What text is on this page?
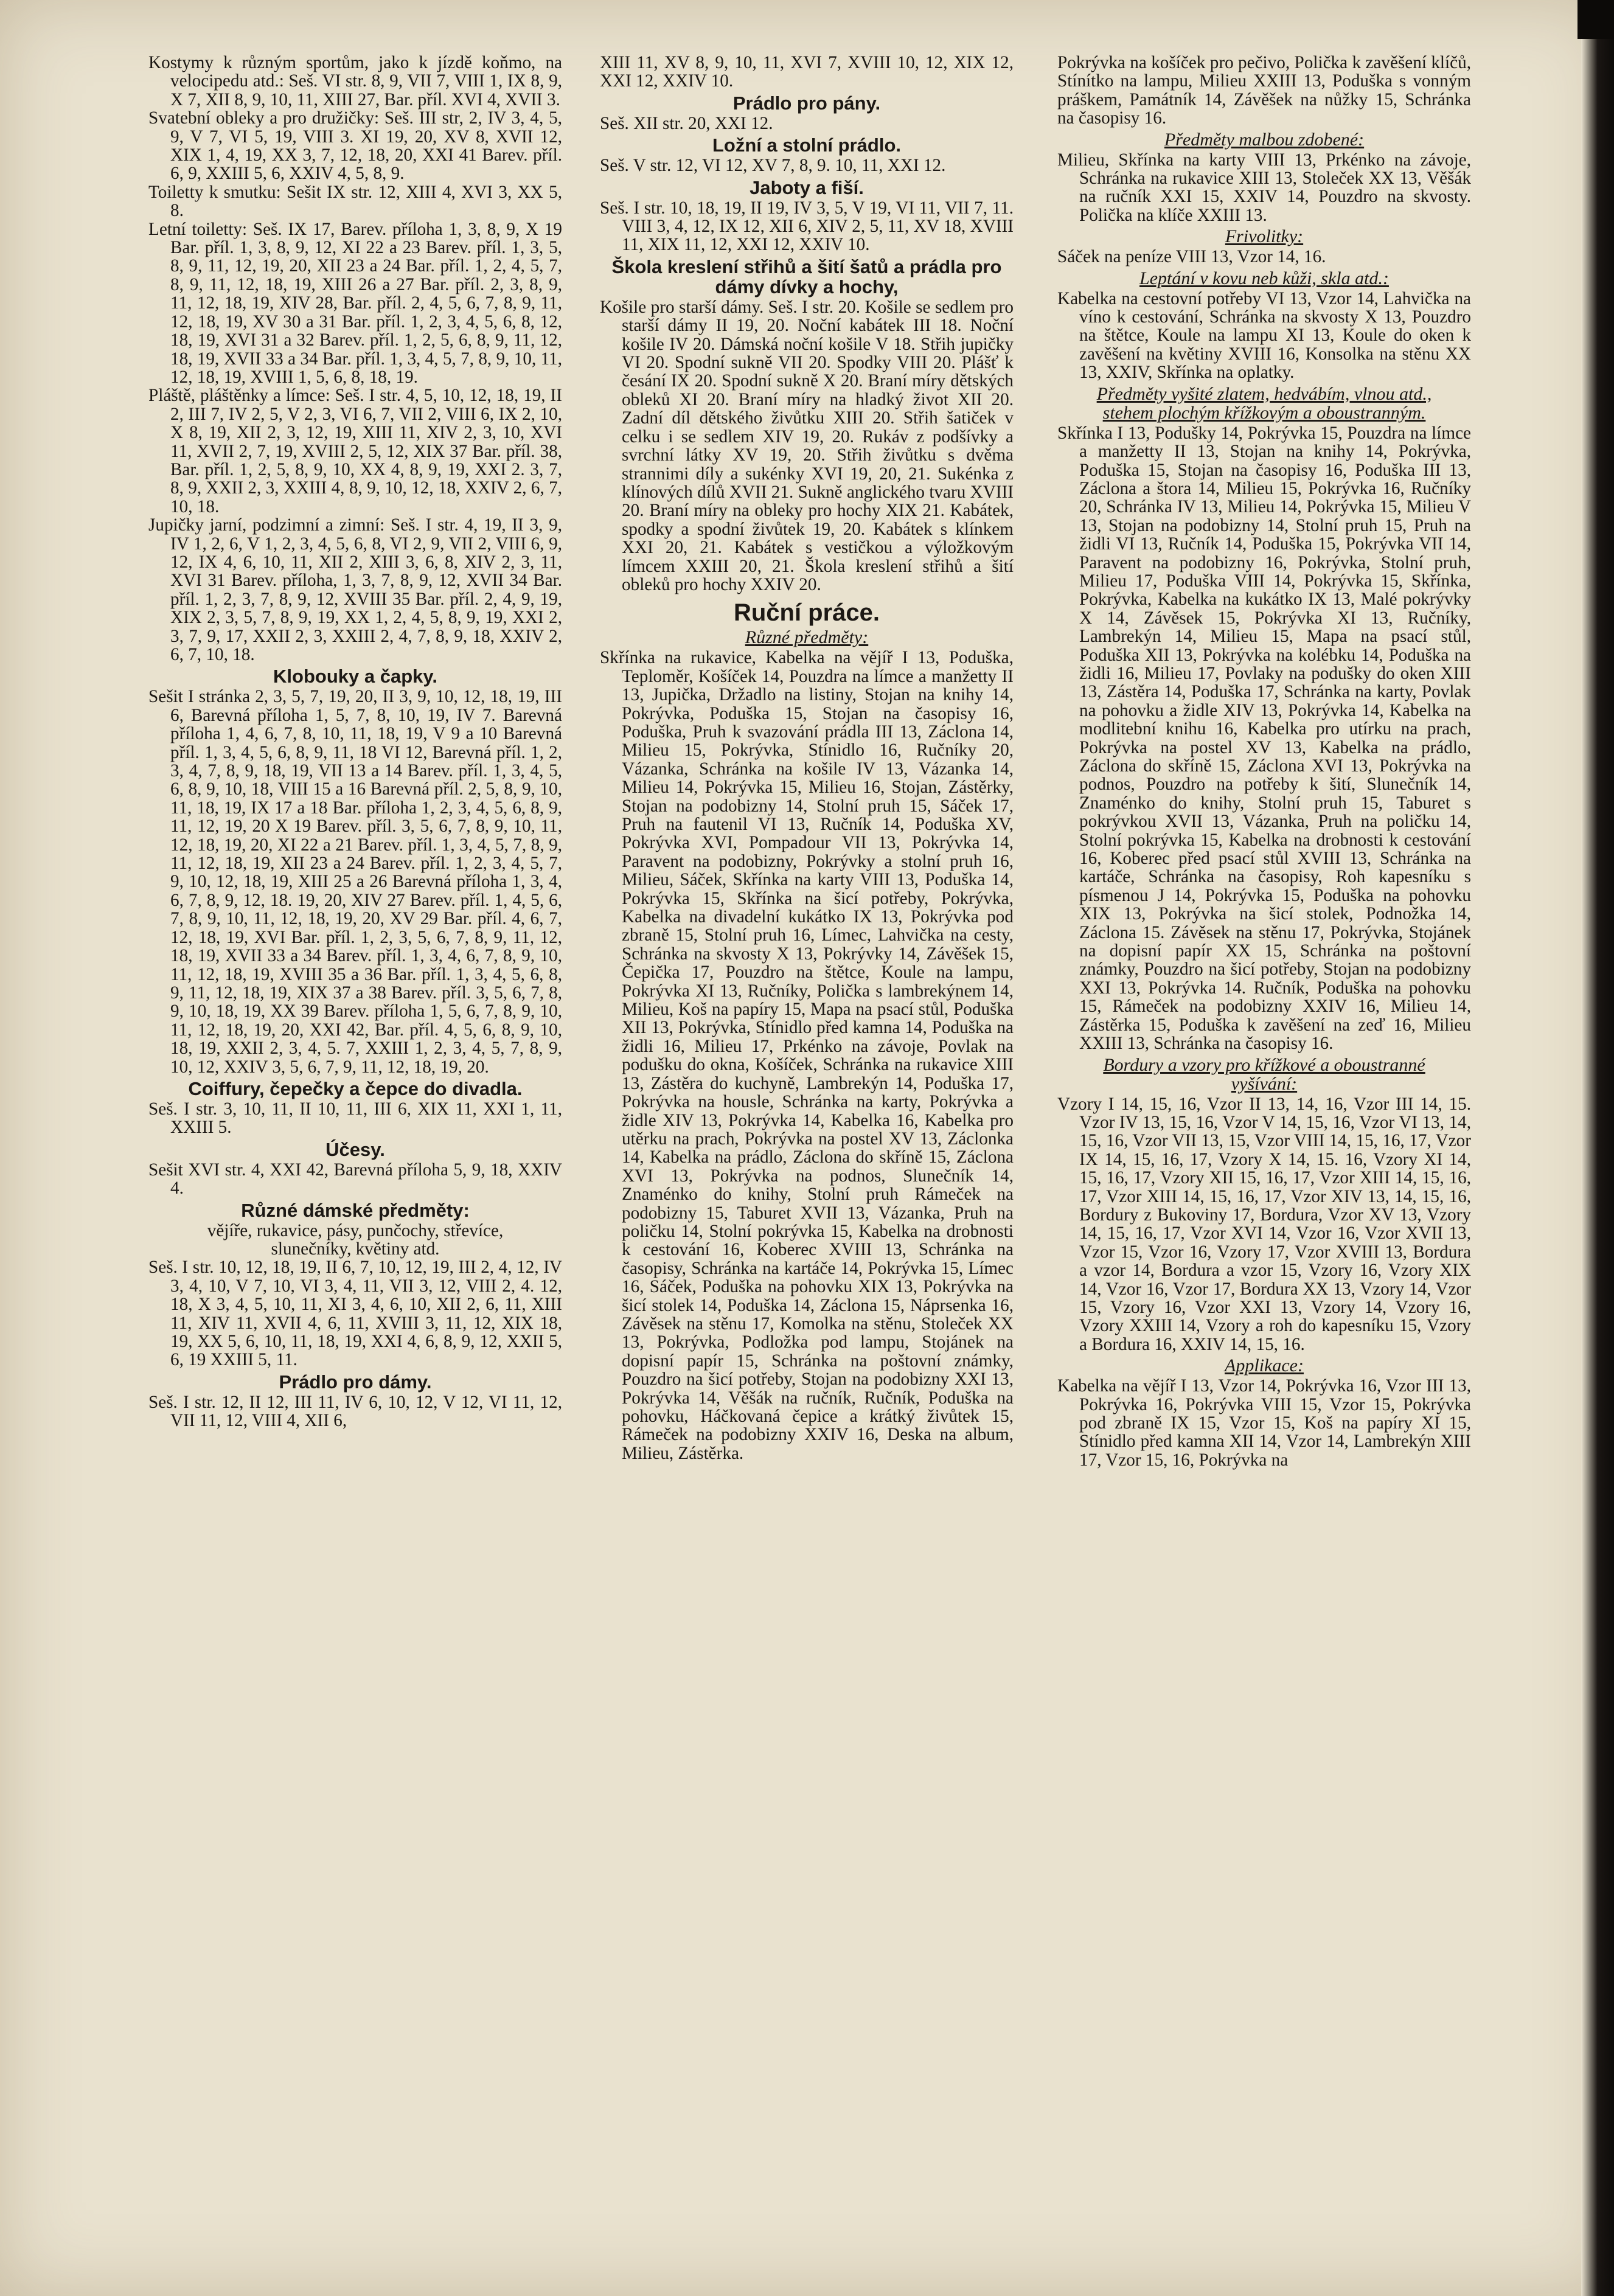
Kostymy k různým sportům, jako k jízdě koňmo, na velocipedu atd.: Seš. VI str. 8, 9, VII 7, VIII 1, IX 8, 9, X 7, XII 8, 9, 10, 11, XIII 27, Bar. příl. XVI 4, XVII 3.

Svatební obleky a pro družičky: Seš. III str, 2, IV 3, 4, 5, 9, V 7, VI 5, 19, VIII 3. XI 19, 20, XV 8, XVII 12, XIX 1, 4, 19, XX 3, 7, 12, 18, 20, XXI 41 Barev. příl. 6, 9, XXIII 5, 6, XXIV 4, 5, 8, 9.

Toiletty k smutku: Sešit IX str. 12, XIII 4, XVI 3, XX 5, 8.

Letní toiletty: Seš. IX 17, Barev. příloha 1, 3, 8, 9, X 19 Bar. příl. 1, 3, 8, 9, 12, XI 22 a 23 Barev. příl. 1, 3, 5, 8, 9, 11, 12, 19, 20, XII 23 a 24 Bar. příl. 1, 2, 4, 5, 7, 8, 9, 11, 12, 18, 19, XIII 26 a 27 Bar. příl. 2, 3, 8, 9, 11, 12, 18, 19, XIV 28, Bar. příl. 2, 4, 5, 6, 7, 8, 9, 11, 12, 18, 19, XV 30 a 31 Bar. příl. 1, 2, 3, 4, 5, 6, 8, 12, 18, 19, XVI 31 a 32 Barev. příl. 1, 2, 5, 6, 8, 9, 11, 12, 18, 19, XVII 33 a 34 Bar. příl. 1, 3, 4, 5, 7, 8, 9, 10, 11, 12, 18, 19, XVIII 1, 5, 6, 8, 18, 19.

Pláště, pláštěnky a límce: Seš. I str. 4, 5, 10, 12, 18, 19, II 2, III 7, IV 2, 5, V 2, 3, VI 6, 7, VII 2, VIII 6, IX 2, 10, X 8, 19, XII 2, 3, 12, 19, XIII 11, XIV 2, 3, 10, XVI 11, XVII 2, 7, 19, XVIII 2, 5, 12, XIX 37 Bar. příl. 38, Bar. příl. 1, 2, 5, 8, 9, 10, XX 4, 8, 9, 19, XXI 2. 3, 7, 8, 9, XXII 2, 3, XXIII 4, 8, 9, 10, 12, 18, XXIV 2, 6, 7, 10, 18.

Jupičky jarní, podzimní a zimní: Seš. I str. 4, 19, II 3, 9, IV 1, 2, 6, V 1, 2, 3, 4, 5, 6, 8, VI 2, 9, VII 2, VIII 6, 9, 12, IX 4, 6, 10, 11, XII 2, XIII 3, 6, 8, XIV 2, 3, 11, XVI 31 Barev. příloha, 1, 3, 7, 8, 9, 12, XVII 34 Bar. příl. 1, 2, 3, 7, 8, 9, 12, XVIII 35 Bar. příl. 2, 4, 9, 19, XIX 2, 3, 5, 7, 8, 9, 19, XX 1, 2, 4, 5, 8, 9, 19, XXI 2, 3, 7, 9, 17, XXII 2, 3, XXIII 2, 4, 7, 8, 9, 18, XXIV 2, 6, 7, 10, 18.

Klobouky a čapky.

Sešit I stránka 2, 3, 5, 7, 19, 20, II 3, 9, 10, 12, 18, 19, III 6, Barevná příloha 1, 5, 7, 8, 10, 19, IV 7. Barevná příloha 1, 4, 6, 7, 8, 10, 11, 18, 19, V 9 a 10 Barevná příl. 1, 3, 4, 5, 6, 8, 9, 11, 18 VI 12, Barevná příl. 1, 2, 3, 4, 7, 8, 9, 18, 19, VII 13 a 14 Barev. příl. 1, 3, 4, 5, 6, 8, 9, 10, 18, VIII 15 a 16 Barevná příl. 2, 5, 8, 9, 10, 11, 18, 19, IX 17 a 18 Bar. příloha 1, 2, 3, 4, 5, 6, 8, 9, 11, 12, 19, 20 X 19 Barev. příl. 3, 5, 6, 7, 8, 9, 10, 11, 12, 18, 19, 20, XI 22 a 21 Barev. příl. 1, 3, 4, 5, 7, 8, 9, 11, 12, 18, 19, XII 23 a 24 Barev. příl. 1, 2, 3, 4, 5, 7, 9, 10, 12, 18, 19, XIII 25 a 26 Barevná příloha 1, 3, 4, 6, 7, 8, 9, 12, 18. 19, 20, XIV 27 Barev. příl. 1, 4, 5, 6, 7, 8, 9, 10, 11, 12, 18, 19, 20, XV 29 Bar. příl. 4, 6, 7, 12, 18, 19, XVI Bar. příl. 1, 2, 3, 5, 6, 7, 8, 9, 11, 12, 18, 19, XVII 33 a 34 Barev. příl. 1, 3, 4, 6, 7, 8, 9, 10, 11, 12, 18, 19, XVIII 35 a 36 Bar. příl. 1, 3, 4, 5, 6, 8, 9, 11, 12, 18, 19, XIX 37 a 38 Barev. příl. 3, 5, 6, 7, 8, 9, 10, 18, 19, XX 39 Barev. příloha 1, 5, 6, 7, 8, 9, 10, 11, 12, 18, 19, 20, XXI 42, Bar. příl. 4, 5, 6, 8, 9, 10, 18, 19, XXII 2, 3, 4, 5. 7, XXIII 1, 2, 3, 4, 5, 7, 8, 9, 10, 12, XXIV 3, 5, 6, 7, 9, 11, 12, 18, 19, 20.

Coiffury, čepečky a čepce do divadla.

Seš. I str. 3, 10, 11, II 10, 11, III 6, XIX 11, XXI 1, 11, XXIII 5.

Účesy.

Sešit XVI str. 4, XXI 42, Barevná příloha 5, 9, 18, XXIV 4.

Různé dámské předměty:

vějíře, rukavice, pásy, punčochy, střevíce, slunečníky, květiny atd.

Seš. I str. 10, 12, 18, 19, II 6, 7, 10, 12, 19, III 2, 4, 12, IV 3, 4, 10, V 7, 10, VI 3, 4, 11, VII 3, 12, VIII 2, 4. 12, 18, X 3, 4, 5, 10, 11, XI 3, 4, 6, 10, XII 2, 6, 11, XIII 11, XIV 11, XVII 4, 6, 11, XVIII 3, 11, 12, XIX 18, 19, XX 5, 6, 10, 11, 18, 19, XXI 4, 6, 8, 9, 12, XXII 5, 6, 19 XXIII 5, 11.

Prádlo pro dámy.

Seš. I str. 12, II 12, III 11, IV 6, 10, 12, V 12, VI 11, 12, VII 11, 12, VIII 4, XII 6,

XIII 11, XV 8, 9, 10, 11, XVI 7, XVIII 10, 12, XIX 12, XXI 12, XXIV 10.

Prádlo pro pány.

Seš. XII str. 20, XXI 12.

Ložní a stolní prádlo.

Seš. V str. 12, VI 12, XV 7, 8, 9. 10, 11, XXI 12.

Jaboty a fiší.

Seš. I str. 10, 18, 19, II 19, IV 3, 5, V 19, VI 11, VII 7, 11. VIII 3, 4, 12, IX 12, XII 6, XIV 2, 5, 11, XV 18, XVIII 11, XIX 11, 12, XXI 12, XXIV 10.

Škola kreslení střihů a šití šatů a prádla pro dámy dívky a hochy,

Košile pro starší dámy. Seš. I str. 20. Košile se sedlem pro starší dámy II 19, 20. Noční kabátek III 18. Noční košile IV 20. Dámská noční košile V 18. Střih jupičky VI 20. Spodní sukně VII 20. Spodky VIII 20. Plášť k česání IX 20. Spodní sukně X 20. Braní míry dětských obleků XI 20. Braní míry na hladký život XII 20. Zadní díl dětského živůtku XIII 20. Střih šatiček v celku i se sedlem XIV 19, 20. Rukáv z podšívky a svrchní látky XV 19, 20. Střih živůtku s dvěma strannimi díly a sukénky XVI 19, 20, 21. Sukénka z klínových dílů XVII 21. Sukně anglického tvaru XVIII 20. Braní míry na obleky pro hochy XIX 21. Kabátek, spodky a spodní živůtek 19, 20. Kabátek s klínkem XXI 20, 21. Kabátek s vestičkou a výložkovým límcem XXIII 20, 21. Škola kreslení střihů a šití obleků pro hochy XXIV 20.

Ruční práce.
Různé předměty:

Skřínka na rukavice, Kabelka na vějíř I 13, Poduška, Teploměr, Košíček 14, Pouzdra na límce a manžetty II 13, Jupička, Držadlo na listiny, Stojan na knihy 14, Pokrývka, Poduška 15, Stojan na časopisy 16, Poduška, Pruh k svazování prádla III 13, Záclona 14, Milieu 15, Pokrývka, Stínidlo 16, Ručníky 20, Vázanka, Schránka na košile IV 13, Vázanka 14, Milieu 14, Pokrývka 15, Milieu 16, Stojan, Zástěrky, Stojan na podobizny 14, Stolní pruh 15, Sáček 17, Pruh na fautenil VI 13, Ručník 14, Poduška XV, Pokrývka XVI, Pompadour VII 13, Pokrývka 14, Paravent na podobizny, Pokrývky a stolní pruh 16, Milieu, Sáček, Skřínka na karty VIII 13, Poduška 14, Pokrývka 15, Skřínka na šicí potřeby, Pokrývka, Kabelka na divadelní kukátko IX 13, Pokrývka pod zbraně 15, Stolní pruh 16, Límec, Lahvička na cesty, Schránka na skvosty X 13, Pokrývky 14, Závěšek 15, Čepička 17, Pouzdro na štětce, Koule na lampu, Pokrývka XI 13, Ručníky, Polička s lambrekýnem 14, Milieu, Koš na papíry 15, Mapa na psací stůl, Poduška XII 13, Pokrývka, Stínidlo před kamna 14, Poduška na židli 16, Milieu 17, Prkénko na závoje, Povlak na podušku do okna, Košíček, Schránka na rukavice XIII 13, Zástěra do kuchyně, Lambrekýn 14, Poduška 17, Pokrývka na housle, Schránka na karty, Pokrývka a židle XIV 13, Pokrývka 14, Kabelka 16, Kabelka pro utěrku na prach, Pokrývka na postel XV 13, Záclonka 14, Kabelka na prádlo, Záclona do skříně 15, Záclona XVI 13, Pokrývka na podnos, Slunečník 14, Znaménko do knihy, Stolní pruh Rámeček na podobizny 15, Taburet XVII 13, Vázanka, Pruh na poličku 14, Stolní pokrývka 15, Kabelka na drobnosti k cestování 16, Koberec XVIII 13, Schránka na časopisy, Schránka na kartáče 14, Pokrývka 15, Límec 16, Sáček, Poduška na pohovku XIX 13, Pokrývka na šicí stolek 14, Poduška 14, Záclona 15, Náprsenka 16, Závěsek na stěnu 17, Komolka na stěnu, Stoleček XX 13, Pokrývka, Podložka pod lampu, Stojánek na dopisní papír 15, Schránka na poštovní známky, Pouzdro na šicí potřeby, Stojan na podobizny XXI 13, Pokrývka 14, Věšák na ručník, Ručník, Poduška na pohovku, Háčkovaná čepice a krátký živůtek 15, Rámeček na podobizny XXIV 16, Deska na album, Milieu, Zástěrka.

Pokrývka na košíček pro pečivo, Polička k zavěšení klíčů, Stínítko na lampu, Milieu XXIII 13, Poduška s vonným práškem, Památník 14, Závěšek na nůžky 15, Schránka na časopisy 16.

Předměty malbou zdobené:

Milieu, Skřínka na karty VIII 13, Prkénko na závoje, Schránka na rukavice XIII 13, Stoleček XX 13, Věšák na ručník XXI 15, XXIV 14, Pouzdro na skvosty. Polička na klíče XXIII 13.

Frivolitky:

Sáček na peníze VIII 13, Vzor 14, 16.

Leptání v kovu neb kůži, skla atd.:

Kabelka na cestovní potřeby VI 13, Vzor 14, Lahvička na víno k cestování, Schránka na skvosty X 13, Pouzdro na štětce, Koule na lampu XI 13, Koule do oken k zavěšení na květiny XVIII 16, Konsolka na stěnu XX 13, XXIV, Skřínka na oplatky.

Předměty vyšité zlatem, hedvábím, vlnou atd., stehem plochým křížkovým a oboustranným.

Skřínka I 13, Podušky 14, Pokrývka 15, Pouzdra na límce a manžetty II 13, Stojan na knihy 14, Pokrývka, Poduška 15, Stojan na časopisy 16, Poduška III 13, Záclona a štora 14, Milieu 15, Pokrývka 16, Ručníky 20, Schránka IV 13, Milieu 14, Pokrývka 15, Milieu V 13, Stojan na podobizny 14, Stolní pruh 15, Pruh na židli VI 13, Ručník 14, Poduška 15, Pokrývka VII 14, Paravent na podobizny 16, Pokrývka, Stolní pruh, Milieu 17, Poduška VIII 14, Pokrývka 15, Skřínka, Pokrývka, Kabelka na kukátko IX 13, Malé pokrývky X 14, Závěsek 15, Pokrývka XI 13, Ručníky, Lambrekýn 14, Milieu 15, Mapa na psací stůl, Poduška XII 13, Pokrývka na kolébku 14, Poduška na židli 16, Milieu 17, Povlaky na podušky do oken XIII 13, Zástěra 14, Poduška 17, Schránka na karty, Povlak na pohovku a židle XIV 13, Pokrývka 14, Kabelka na modlitební knihu 16, Kabelka pro utírku na prach, Pokrývka na postel XV 13, Kabelka na prádlo, Záclona do skříně 15, Záclona XVI 13, Pokrývka na podnos, Pouzdro na potřeby k šití, Slunečník 14, Znaménko do knihy, Stolní pruh 15, Taburet s pokrývkou XVII 13, Vázanka, Pruh na poličku 14, Stolní pokrývka 15, Kabelka na drobnosti k cestování 16, Koberec před psací stůl XVIII 13, Schránka na kartáče, Schránka na časopisy, Roh kapesníku s písmenou J 14, Pokrývka 15, Poduška na pohovku XIX 13, Pokrývka na šicí stolek, Podnožka 14, Záclona 15. Závěsek na stěnu 17, Pokrývka, Stojánek na dopisní papír XX 15, Schránka na poštovní známky, Pouzdro na šicí potřeby, Stojan na podobizny XXI 13, Pokrývka 14. Ručník, Poduška na pohovku 15, Rámeček na podobizny XXIV 16, Milieu 14, Zástěrka 15, Poduška k zavěšení na zeď 16, Milieu XXIII 13, Schránka na časopisy 16.

Bordury a vzory pro křížkové a oboustranné vyšívání:

Vzory I 14, 15, 16, Vzor II 13, 14, 16, Vzor III 14, 15. Vzor IV 13, 15, 16, Vzor V 14, 15, 16, Vzor VI 13, 14, 15, 16, Vzor VII 13, 15, Vzor VIII 14, 15, 16, 17, Vzor IX 14, 15, 16, 17, Vzory X 14, 15. 16, Vzory XI 14, 15, 16, 17, Vzory XII 15, 16, 17, Vzor XIII 14, 15, 16, 17, Vzor XIII 14, 15, 16, 17, Vzor XIV 13, 14, 15, 16, Bordury z Bukoviny 17, Bordura, Vzor XV 13, Vzory 14, 15, 16, 17, Vzor XVI 14, Vzor 16, Vzor XVII 13, Vzor 15, Vzor 16, Vzory 17, Vzor XVIII 13, Bordura a vzor 14, Bordura a vzor 15, Vzory 16, Vzory XIX 14, Vzor 16, Vzor 17, Bordura XX 13, Vzory 14, Vzor 15, Vzory 16, Vzor XXI 13, Vzory 14, Vzory 16, Vzory XXIII 14, Vzory a roh do kapesníku 15, Vzory a Bordura 16, XXIV 14, 15, 16.

Applikace:

Kabelka na vějíř I 13, Vzor 14, Pokrývka 16, Vzor III 13, Pokrývka 16, Pokrývka VIII 15, Vzor 15, Pokrývka pod zbraně IX 15, Vzor 15, Koš na papíry XI 15, Stínidlo před kamna XII 14, Vzor 14, Lambrekýn XIII 17, Vzor 15, 16, Pokrývka na
